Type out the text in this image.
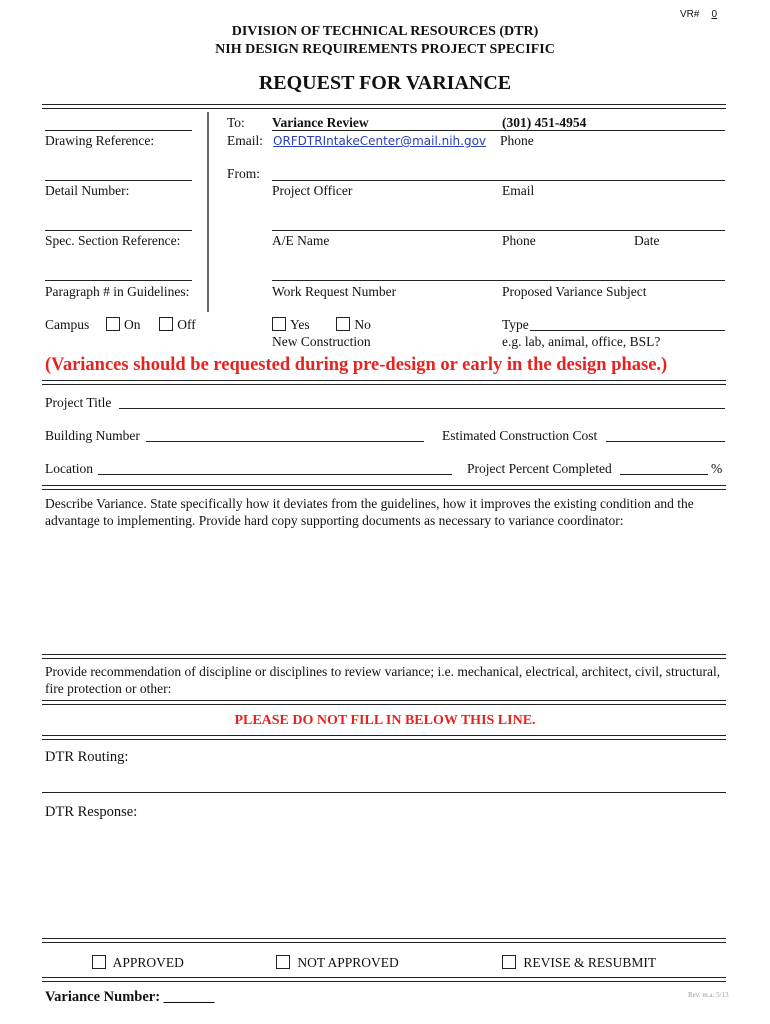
VR# 0
DIVISION OF TECHNICAL RESOURCES (DTR)
NIH DESIGN REQUIREMENTS PROJECT SPECIFIC
REQUEST FOR VARIANCE
Drawing Reference:
Detail Number:
Spec. Section Reference:
Paragraph # in Guidelines:
Campus	On	Off
To: Variance Review	(301) 451-4954
Email: ORFDTRIntakeCenter@mail.nih.gov Phone
From:
Project Officer	Email
A/E Name	Phone	Date
Work Request Number	Proposed Variance Subject
Yes	No
New Construction
Type
e.g. lab, animal, office, BSL?
(Variances should be requested during pre-design or early in the design phase.)
Project Title
Building Number	Estimated Construction Cost
Location	Project Percent Completed	%
Describe Variance. State specifically how it deviates from the guidelines, how it improves the existing condition and the advantage to implementing. Provide hard copy supporting documents as necessary to variance coordinator:
Provide recommendation of discipline or disciplines to review variance; i.e. mechanical, electrical, architect, civil, structural, fire protection or other:
PLEASE DO NOT FILL IN BELOW THIS LINE.
DTR Routing:
DTR Response:
APPROVED	NOT APPROVED	REVISE & RESUBMIT
Variance Number: _______	Rev. m.a. 5/13
